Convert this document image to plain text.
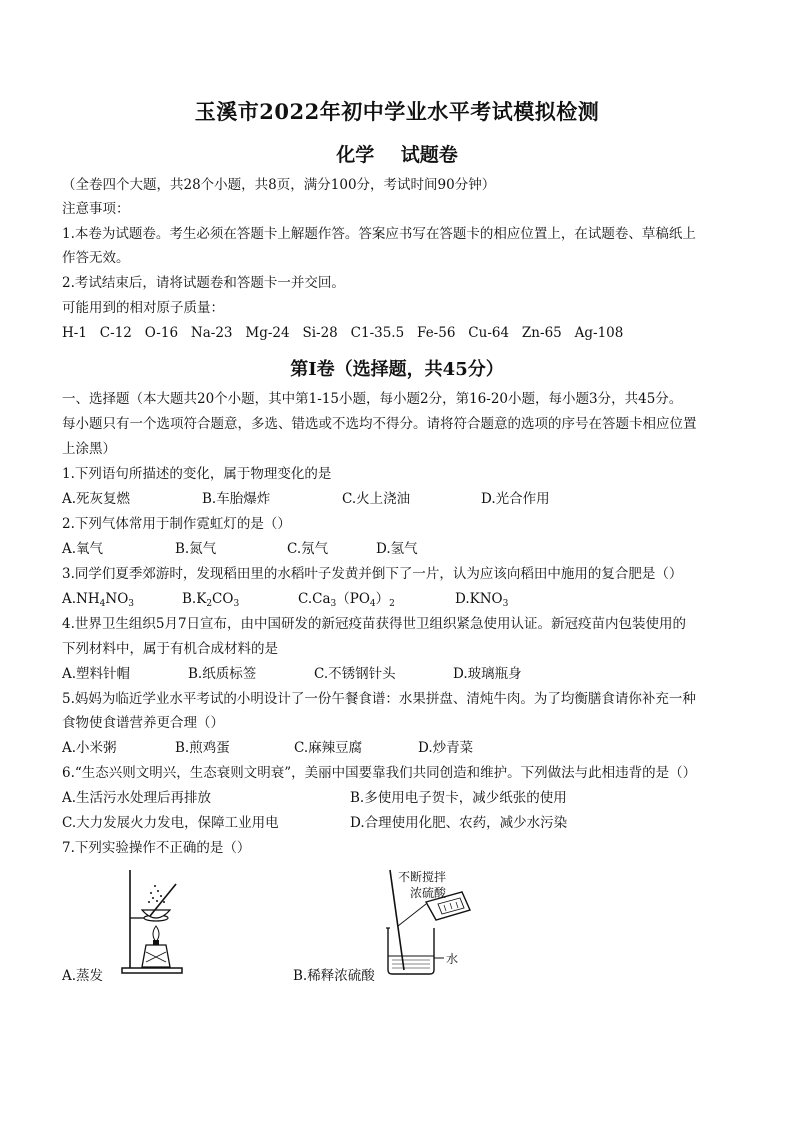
玉溪市2022年初中学业水平考试模拟检测
化学    试题卷
（全卷四个大题，共28个小题，共8页，满分100分，考试时间90分钟）
注意事项：
1.本卷为试题卷。考生必须在答题卡上解题作答。答案应书写在答题卡的相应位置上，在试题卷、草稿纸上
作答无效。
2.考试结束后，请将试题卷和答题卡一并交回。
可能用到的相对原子质量：
H-1   C-12   O-16   Na-23   Mg-24   Si-28   C1-35.5   Fe-56   Cu-64   Zn-65   Ag-108
第Ⅰ卷（选择题，共45分）
一、选择题（本大题共20个小题，其中第1-15小题，每小题2分，第16-20小题，每小题3分，共45分。
每小题只有一个选项符合题意，多选、错选或不选均不得分。请将符合题意的选项的序号在答题卡相应位置
上涂黑）
1.下列语句所描述的变化，属于物理变化的是
A.死灰复燃	B.车胎爆炸	C.火上浇油	D.光合作用
2.下列气体常用于制作霓虹灯的是（）
A.氧气	B.氮气	C.氖气	D.氢气
3.同学们夏季郊游时，发现稻田里的水稻叶子发黄并倒下了一片，认为应该向稻田中施用的复合肥是（）
$A.NH_4NO_3$	$B.K_2CO_3$	$C.Ca_3(PO_4)_2$	$D.KNO_3$
4.世界卫生组织5月7日宣布，由中国研发的新冠疫苗获得世卫组织紧急使用认证。新冠疫苗内包装使用的
下列材料中，属于有机合成材料的是
A.塑料针帽	B.纸质标签	C.不锈钢针头	D.玻璃瓶身
5.妈妈为临近学业水平考试的小明设计了一份午餐食谱：水果拼盘、清炖牛肉。为了均衡膳食请你补充一种
食物使食谱营养更合理（）
A.小米粥	B.煎鸡蛋	C.麻辣豆腐	D.炒青菜
6.“生态兴则文明兴，生态衰则文明衰”，美丽中国要靠我们共同创造和维护。下列做法与此相违背的是（）
A.生活污水处理后再排放	B.多使用电子贺卡，减少纸张的使用
C.大力发展火力发电，保障工业用电	D.合理使用化肥、农药，减少水污染
7.下列实验操作不正确的是（）
A.蒸发
不断搅拌
浓硫酸
水
B.稀释浓硫酸
